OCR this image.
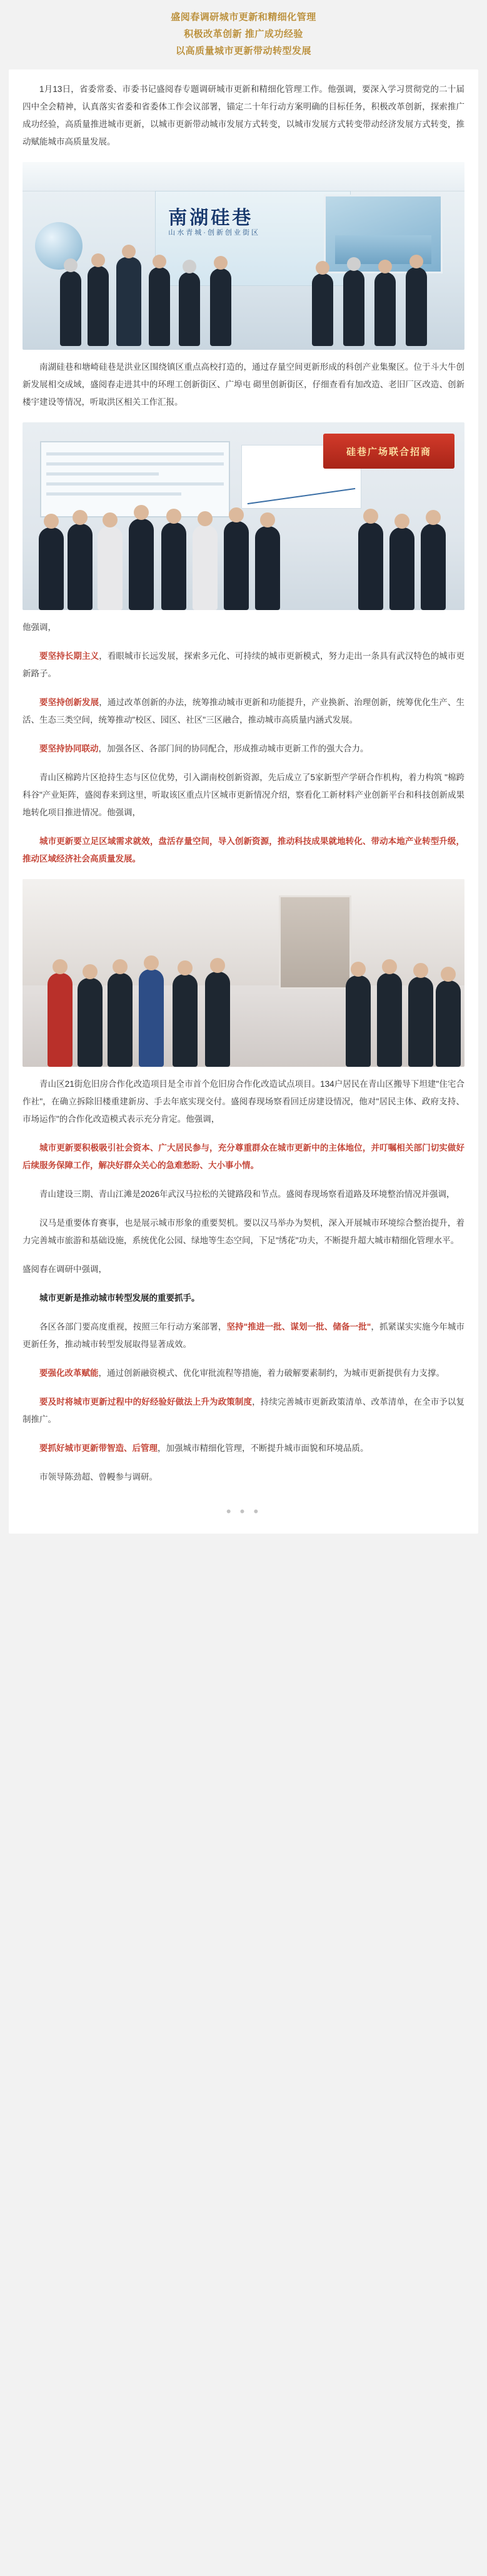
盛阅春调研城市更新和精细化管理
积极改革创新 推广成功经验
以高质量城市更新带动转型发展

1月13日，省委常委、市委书记盛阅春专题调研城市更新和精细化管理工作。他强调，要深入学习贯彻党的二十届四中全会精神，认真落实省委和省委体工作会议部署，锚定二十年行动方案明确的目标任务，积极改革创新，探索推广成功经验，高质量推进城市更新，以城市更新带动城市发展方式转变，以城市发展方式转变带动经济发展方式转变，推动赋能城市高质量发展。

南湖硅巷
山水青城·创新创业街区

南湖硅巷和塘崎硅巷是洪业区围绕镇区重点高校打造的，通过存量空间更新形成的科创产业集聚区。位于斗大牛创新发展相交成域，盛阅春走进其中的环理工创新街区、广埠屯 砌里创新街区，仔细查看有加改造、老旧厂区改造、创新楼宇建设等情况，听取洪区相关工作汇报。

硅巷广场联合招商

他强调，

要坚持长期主义，看眼城市长远发展，探索多元化、可持续的城市更新模式，努力走出一条具有武汉特色的城市更新路子。

要坚持创新发展，通过改革创新的办法，统筹推动城市更新和功能提升，产业换新、治理创新，统筹优化生产、生活、生态三类空间，统筹推动"校区、园区、社区"三区融合，推动城市高质量内涵式发展。

要坚持协同联动，加强各区、各部门间的协同配合，形成推动城市更新工作的强大合力。

青山区棉跨片区抢持生态与区位优势，引入湖南校创新资源，先后成立了5家新型产学研合作机构，着力构筑 "棉跨科谷"产业矩阵，盛阅春来到这里，听取该区重点片区城市更新情况介绍，察看化工新材料产业创新平台和科技创新成果地转化项目推进情况。他强调，

城市更新要立足区域需求就效，盘活存量空间，导入创新资源，推动科技成果就地转化、带动本地产业转型升级，推动区域经济社会高质量发展。

青山区21街危旧房合作化改造项目是全市首个危旧房合作化改造试点项目。134户居民在青山区搬导下坦建"住宅合作社"，在确立拆除旧楼重建新房、手去年底实现交付。盛阅春现场察看回迁房建设情况，他对"居民主体、政府支持、市场运作"的合作化改造模式表示充分肯定。他强调，

城市更新要积极吸引社会资本、广大居民参与，充分尊重群众在城市更新中的主体地位，并叮嘱相关部门切实做好后续服务保障工作，解决好群众关心的急难愁盼、大小事小情。

青山建设三期、青山江滩是2026年武汉马拉松的关键路段和节点。盛阅春现场察看道路及环境整治情况并强调，

汉马是重要体育赛事，也是展示城市形象的重要契机。要以汉马举办为契机，深入开展城市环境综合整治提升，着力完善城市旅游和基础设施，系统优化公园、绿地等生态空间，下足"绣花"功夫，不断提升超大城市精细化管理水平。

盛阅春在调研中强调，

城市更新是推动城市转型发展的重要抓手。

各区各部门要高度重视，按照三年行动方案部署，坚持"推进一批、谋划一批、储备一批"，抓紧谋实实施今年城市更新任务，推动城市转型发展取得显著成效。

要强化改革赋能，通过创新融资模式、优化审批流程等措施，着力破解要素制约，为城市更新提供有力支撑。

要及时将城市更新过程中的好经验好做法上升为政策制度，持续完善城市更新政策清单、改革清单，在全市予以复制推广。

要抓好城市更新带智造、后管理，加强城市精细化管理，不断提升城市面貌和环境品质。

市领导陈劲超、曾幔参与调研。

• • •
